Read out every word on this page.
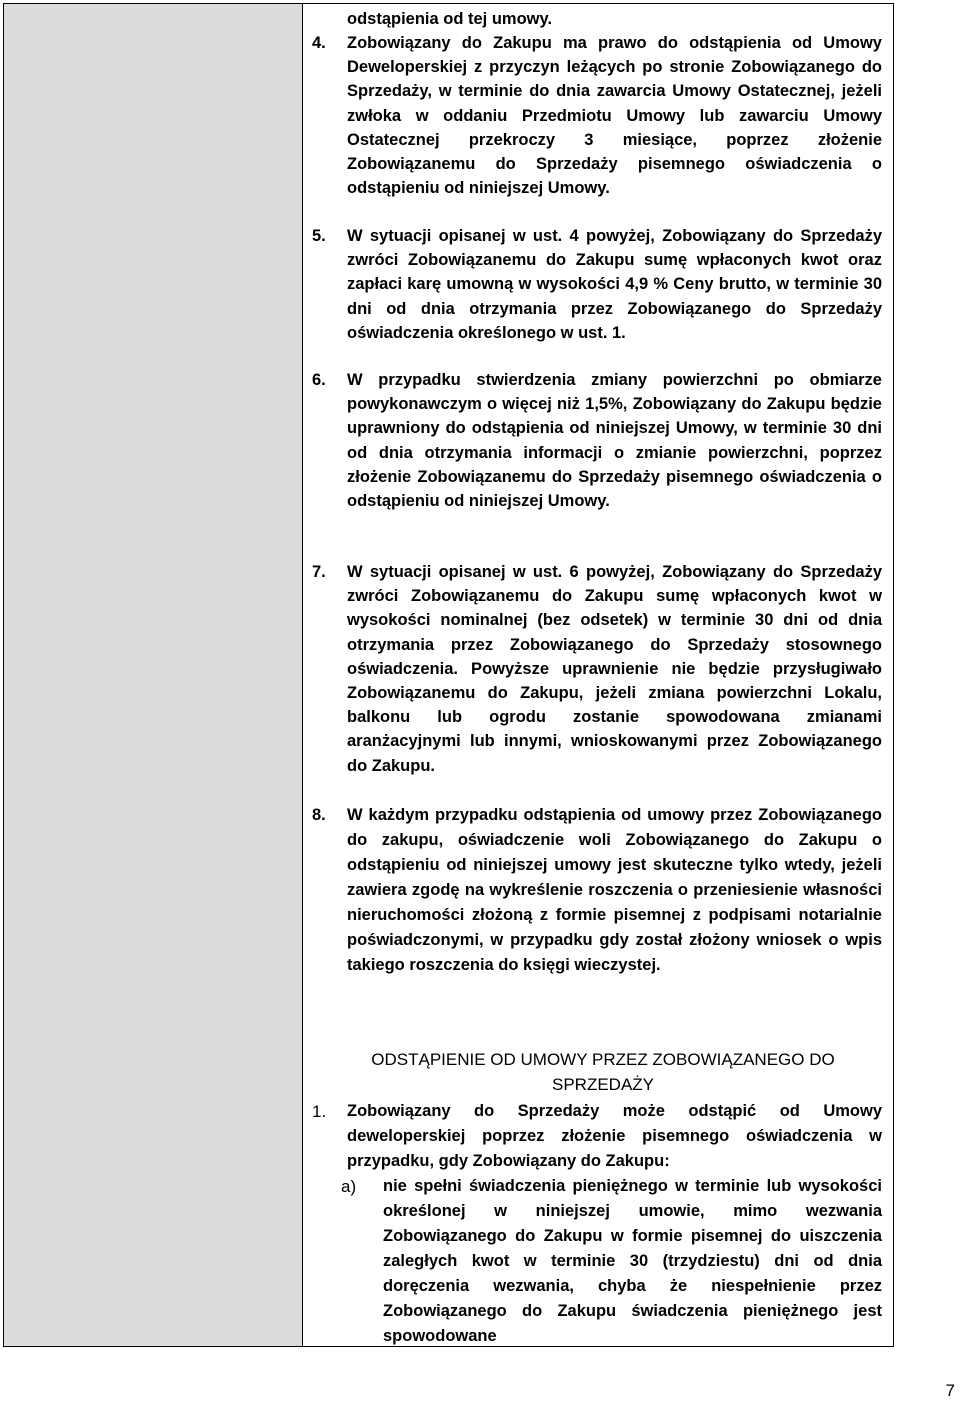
odstąpienia od tej umowy.
4.	Zobowiązany do Zakupu ma prawo do odstąpienia od Umowy Deweloperskiej z przyczyn leżących po stronie Zobowiązanego do Sprzedaży, w terminie do dnia zawarcia Umowy Ostatecznej, jeżeli zwłoka w oddaniu Przedmiotu Umowy lub zawarciu Umowy Ostatecznej przekroczy 3 miesiące, poprzez złożenie Zobowiązanemu do Sprzedaży pisemnego oświadczenia o odstąpieniu od niniejszej Umowy.
5.	W sytuacji opisanej w ust. 4 powyżej, Zobowiązany do Sprzedaży zwróci Zobowiązanemu do Zakupu sumę wpłaconych kwot oraz zapłaci karę umowną w wysokości 4,9 % Ceny brutto, w terminie 30 dni od dnia otrzymania przez Zobowiązanego do Sprzedaży oświadczenia określonego w ust. 1.
6.	W przypadku stwierdzenia zmiany powierzchni po obmiarze powykonawczym o więcej niż 1,5%, Zobowiązany do Zakupu będzie uprawniony do odstąpienia od niniejszej Umowy, w terminie 30 dni od dnia otrzymania informacji o zmianie powierzchni, poprzez złożenie Zobowiązanemu do Sprzedaży pisemnego oświadczenia o odstąpieniu od niniejszej Umowy.
7.	W sytuacji opisanej w ust. 6 powyżej, Zobowiązany do Sprzedaży zwróci Zobowiązanemu do Zakupu sumę wpłaconych kwot w wysokości nominalnej (bez odsetek) w terminie 30 dni od dnia otrzymania przez Zobowiązanego do Sprzedaży stosownego oświadczenia. Powyższe uprawnienie nie będzie przysługiwało Zobowiązanemu do Zakupu, jeżeli zmiana powierzchni Lokalu, balkonu lub ogrodu zostanie spowodowana zmianami aranżacyjnymi lub innymi, wnioskowanymi przez Zobowiązanego do Zakupu.
8.	W każdym przypadku odstąpienia od umowy przez Zobowiązanego do zakupu, oświadczenie woli Zobowiązanego do Zakupu o odstąpieniu od niniejszej umowy jest skuteczne tylko wtedy, jeżeli zawiera zgodę na wykreślenie roszczenia o przeniesienie własności nieruchomości złożoną z formie pisemnej z podpisami notarialnie poświadczonymi, w przypadku gdy został złożony wniosek o wpis takiego roszczenia do księgi wieczystej.
ODSTĄPIENIE OD UMOWY PRZEZ ZOBOWIĄZANEGO DO SPRZEDAŻY
1.	Zobowiązany do Sprzedaży może odstąpić od Umowy deweloperskiej poprzez złożenie pisemnego oświadczenia w przypadku, gdy Zobowiązany do Zakupu:
a)	nie spełni świadczenia pieniężnego w terminie lub wysokości określonej w niniejszej umowie, mimo wezwania Zobowiązanego do Zakupu w formie pisemnej do uiszczenia zaległych kwot w terminie 30 (trzydziestu) dni od dnia doręczenia wezwania, chyba że niespełnienie przez Zobowiązanego do Zakupu świadczenia pieniężnego jest spowodowane
7
